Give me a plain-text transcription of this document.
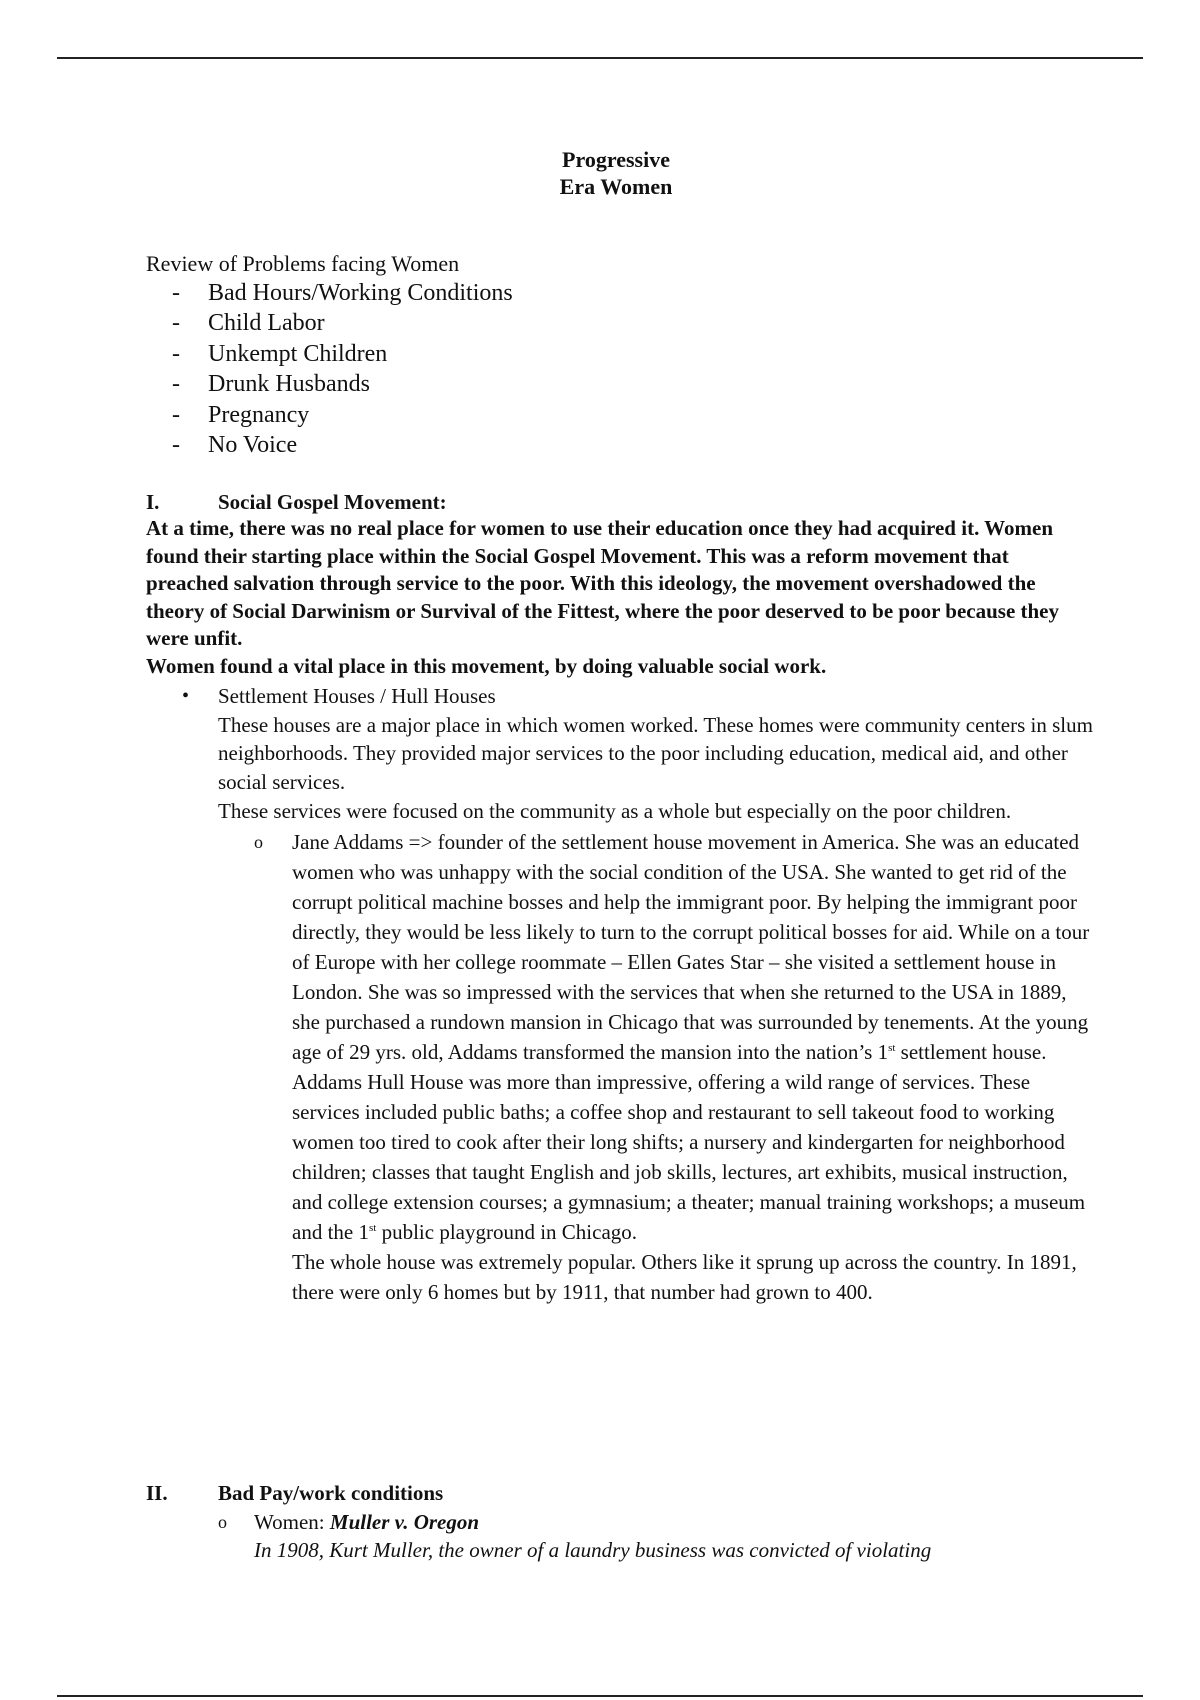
Progressive
Era Women
Review of Problems facing Women
- Bad Hours/Working Conditions
- Child Labor
- Unkempt Children
- Drunk Husbands
- Pregnancy
- No Voice
I.	Social Gospel Movement:

At a time, there was no real place for women to use their education once they had acquired it. Women found their starting place within the Social Gospel Movement. This was a reform movement that preached salvation through service to the poor. With this ideology, the movement overshadowed the theory of Social Darwinism or Survival of the Fittest, where the poor deserved to be poor because they were unfit.

Women found a vital place in this movement, by doing valuable social work.

• Settlement Houses / Hull Houses

These houses are a major place in which women worked. These homes were community centers in slum neighborhoods. They provided major services to the poor including education, medical aid, and other social services.

These services were focused on the community as a whole but especially on the poor children.

o Jane Addams => founder of the settlement house movement in America. She was an educated women who was unhappy with the social condition of the USA. She wanted to get rid of the corrupt political machine bosses and help the immigrant poor. By helping the immigrant poor directly, they would be less likely to turn to the corrupt political bosses for aid. While on a tour of Europe with her college roommate – Ellen Gates Star – she visited a settlement house in London. She was so impressed with the services that when she returned to the USA in 1889, she purchased a rundown mansion in Chicago that was surrounded by tenements. At the young age of 29 yrs. old, Addams transformed the mansion into the nation’s 1st settlement house. Addams Hull House was more than impressive, offering a wild range of services. These services included public baths; a coffee shop and restaurant to sell takeout food to working women too tired to cook after their long shifts; a nursery and kindergarten for neighborhood children; classes that taught English and job skills, lectures, art exhibits, musical instruction, and college extension courses; a gymnasium; a theater; manual training workshops; a museum and the 1st public playground in Chicago.

The whole house was extremely popular. Others like it sprung up across the country. In 1891, there were only 6 homes but by 1911, that number had grown to 400.

II. Bad Pay/work conditions
o Women: Muller v. Oregon

In 1908, Kurt Muller, the owner of a laundry business was convicted of violating
